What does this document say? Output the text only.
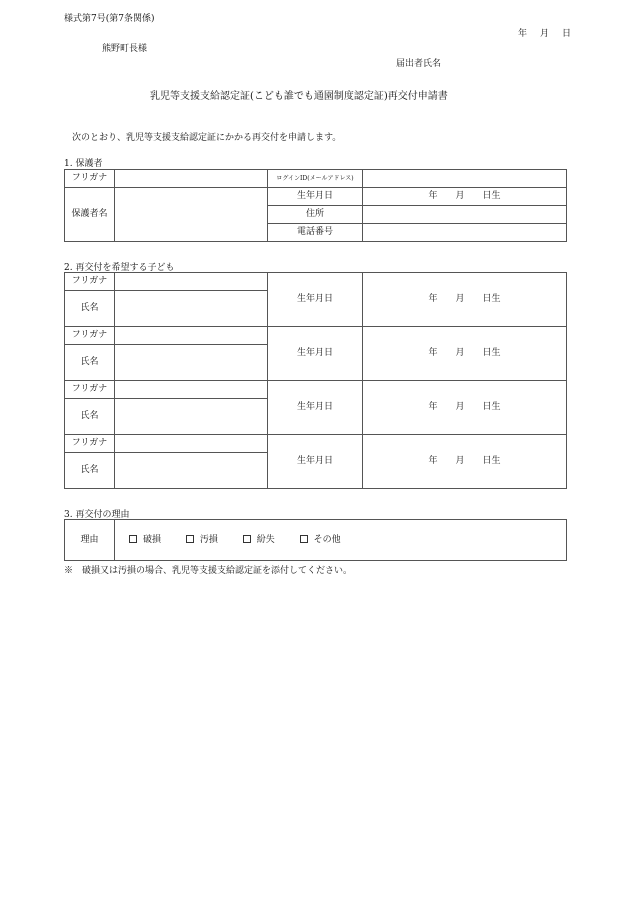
様式第7号(第7条関係)
年　月　日
熊野町長様
届出者氏名
乳児等支援支給認定証(こども誰でも通園制度認定証)再交付申請書
次のとおり、乳児等支援支給認定証にかかる再交付を申請します。
1. 保護者
フリガナ		ログインID(メールアドレス)	
保護者名		生年月日	年　　月　　日生
		住所	
		電話番号	
2. 再交付を希望する子ども
フリガナ		生年月日	年　　月　　日生
氏名			
フリガナ		生年月日	年　　月　　日生
氏名			
フリガナ		生年月日	年　　月　　日生
氏名			
フリガナ		生年月日	年　　月　　日生
氏名			
3. 再交付の理由
理由	破損	汚損	紛失	その他
※　破損又は汚損の場合、乳児等支援支給認定証を添付してください。
